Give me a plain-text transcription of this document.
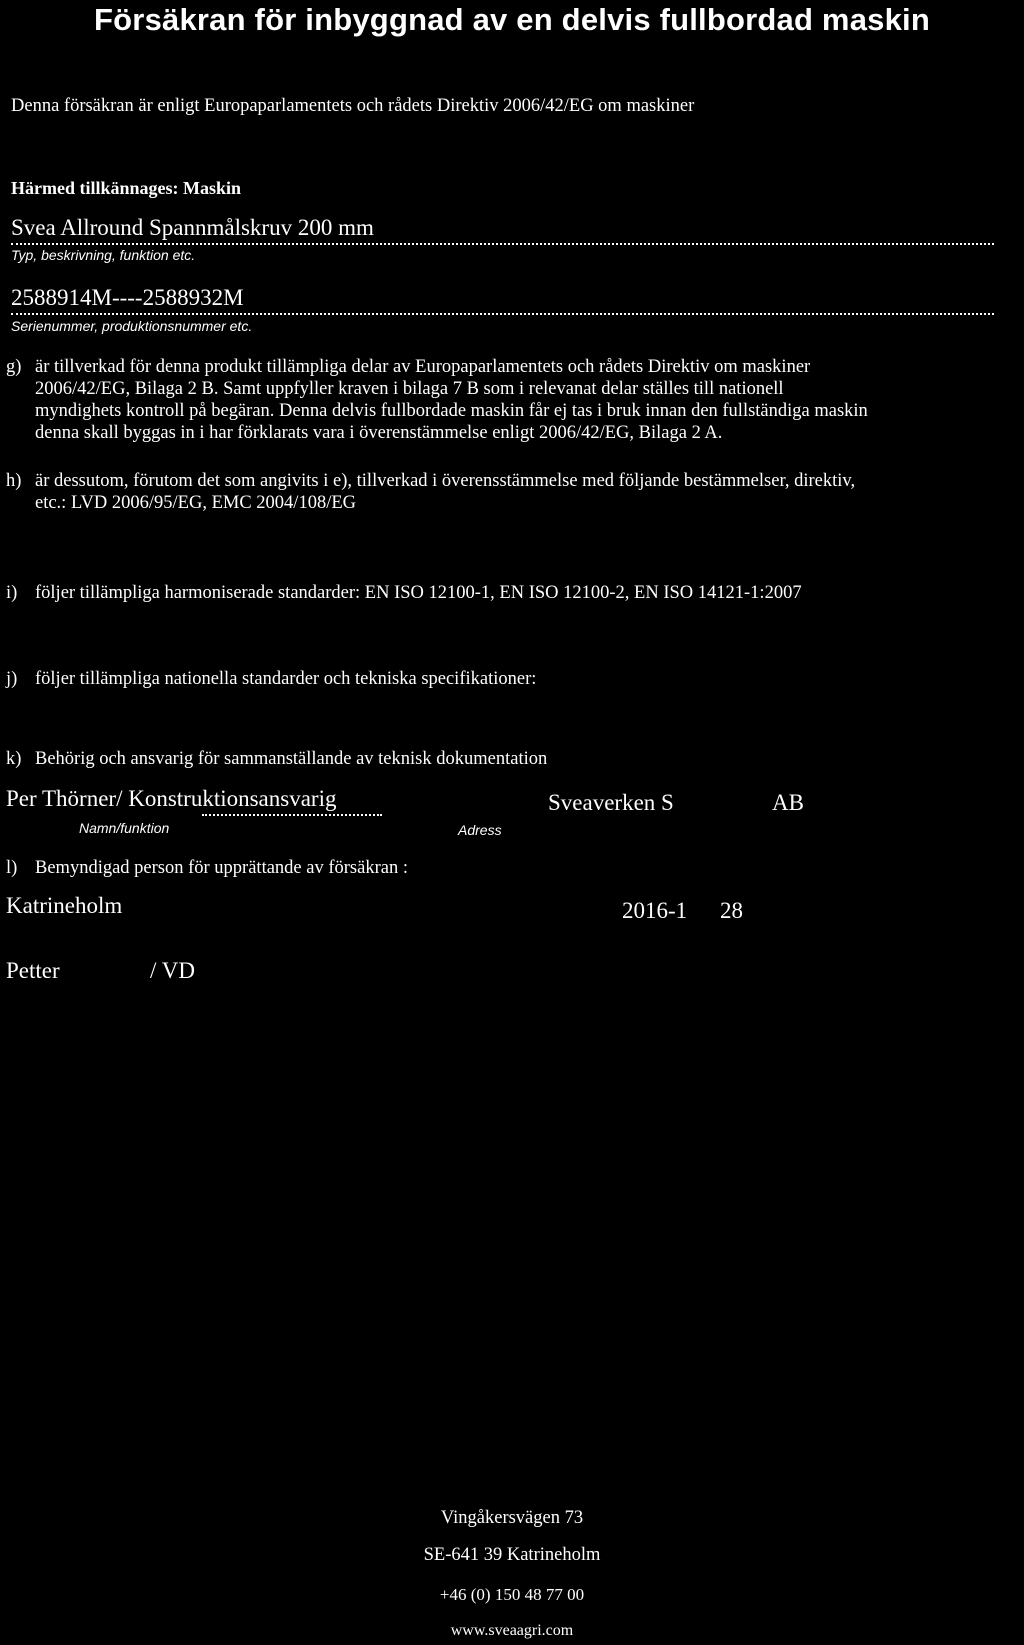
Försäkran för inbyggnad av en delvis fullbordad maskin
Denna försäkran är enligt Europaparlamentets och rådets Direktiv 2006/42/EG om maskiner
Härmed tillkännages: Maskin
Svea Allround Spannmålskruv 200 mm
Typ, beskrivning, funktion etc.
2588914M----2588932M
Serienummer, produktionsnummer etc.
g) är tillverkad för denna produkt tillämpliga delar av Europaparlamentets och rådets Direktiv om maskiner
2006/42/EG, Bilaga 2 B. Samt uppfyller kraven i bilaga 7 B som i relevanat delar ställes till nationell
myndighets kontroll på begäran. Denna delvis fullbordade maskin får ej tas i bruk innan den fullständiga maskin
denna skall byggas in i har förklarats vara i överenstämmelse enligt 2006/42/EG, Bilaga 2 A.
h) är dessutom, förutom det som angivits i e), tillverkad i överensstämmelse med följande bestämmelser, direktiv,
etc.: LVD 2006/95/EG, EMC 2004/108/EG
i) följer tillämpliga harmoniserade standarder: EN ISO 12100-1, EN ISO 12100-2, EN ISO 14121-1:2007
j) följer tillämpliga nationella standarder och tekniska specifikationer:
k) Behörig och ansvarig för sammanställande av teknisk dokumentation
Per Thörner/ Konstruktionsansvarig
Namn/funktion
Sveaverken S	AB
Adress
l) Bemyndigad person för upprättande av försäkran :
Katrineholm	2016-1 28
Petter	/ VD
Vingåkersvägen 73
SE-641 39 Katrineholm
+46 (0) 150 48 77 00
www.sveaagri.com
